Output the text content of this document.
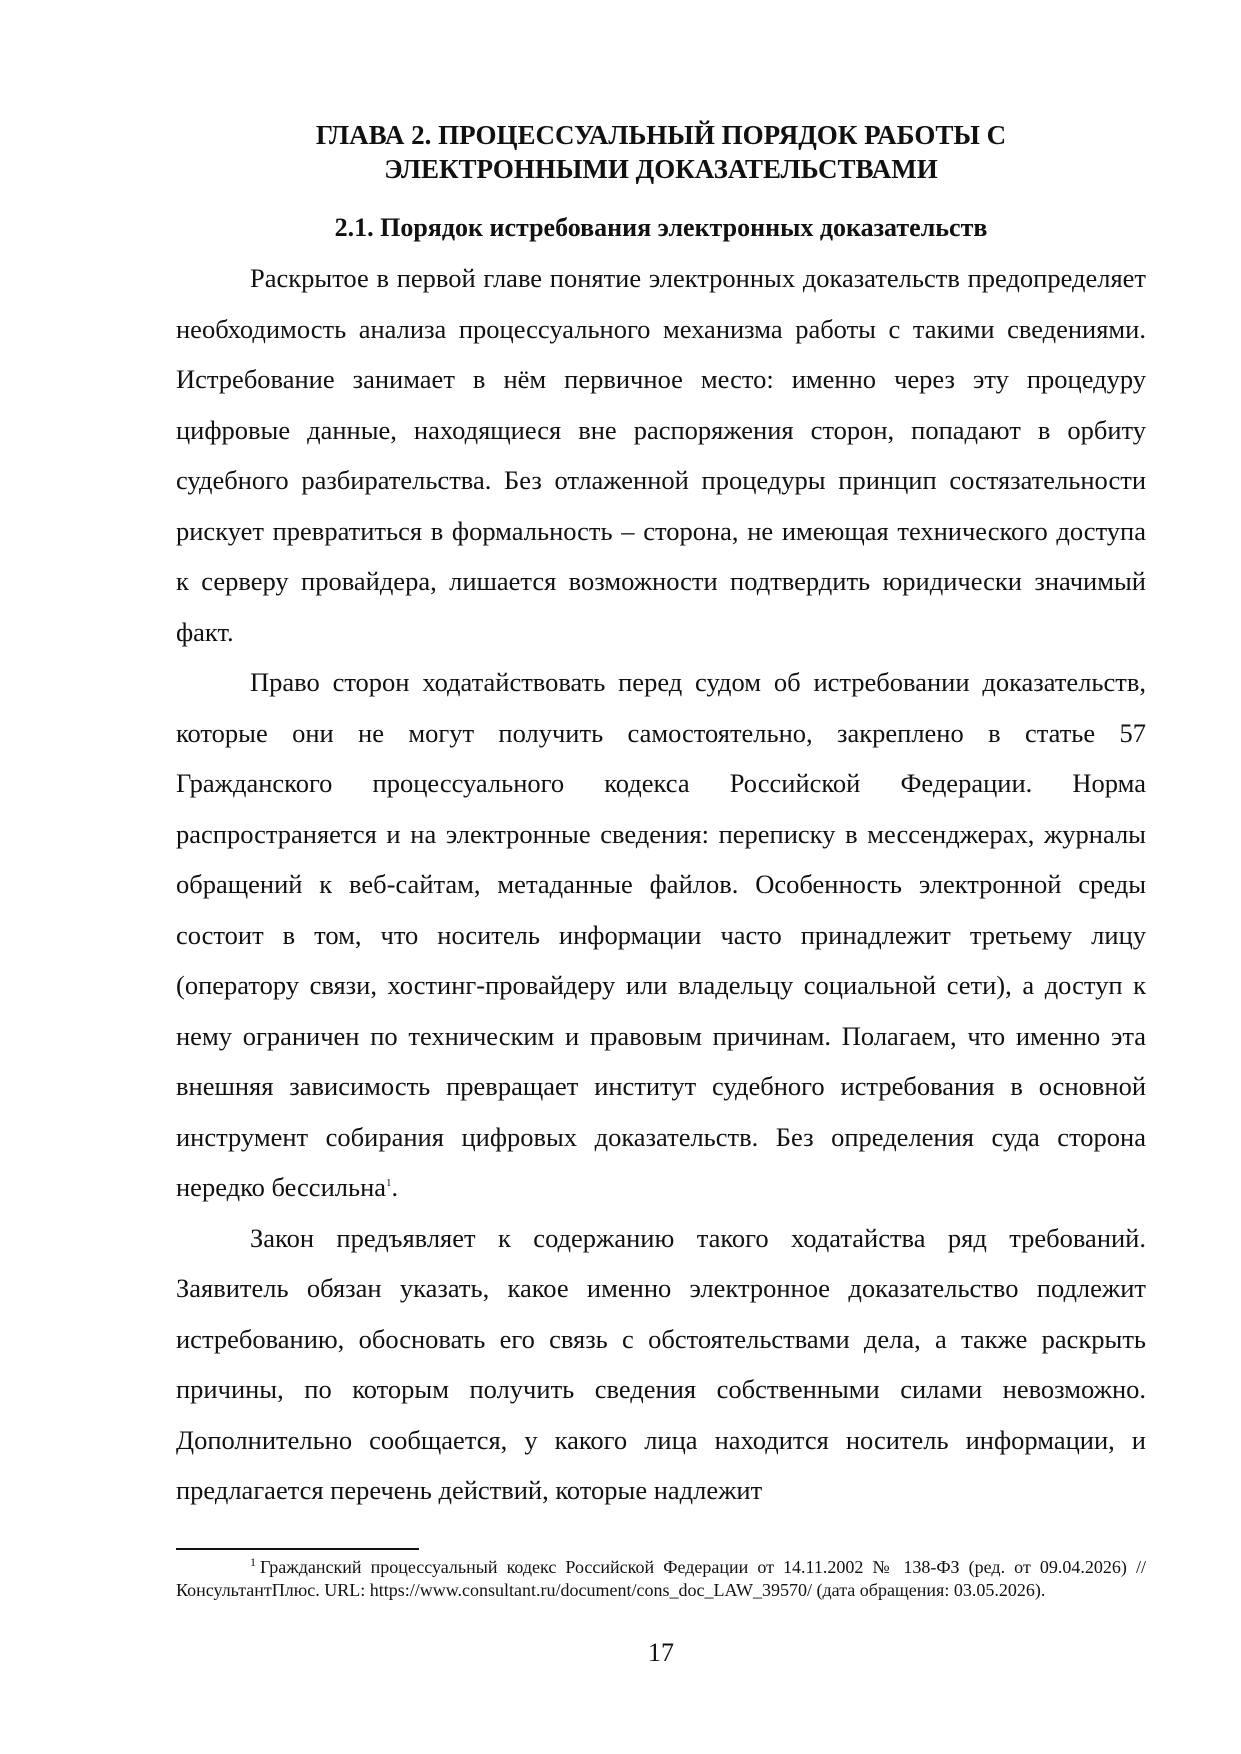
ГЛАВА 2. ПРОЦЕССУАЛЬНЫЙ ПОРЯДОК РАБОТЫ С
ЭЛЕКТРОННЫМИ ДОКАЗАТЕЛЬСТВАМИ
2.1. Порядок истребования электронных доказательств

Раскрытое в первой главе понятие электронных доказательств предопределяет необходимость анализа процессуального механизма работы с такими сведениями. Истребование занимает в нём первичное место: именно через эту процедуру цифровые данные, находящиеся вне распоряжения сторон, попадают в орбиту судебного разбирательства. Без отлаженной процедуры принцип состязательности рискует превратиться в формальность – сторона, не имеющая технического доступа к серверу провайдера, лишается возможности подтвердить юридически значимый факт.

Право сторон ходатайствовать перед судом об истребовании доказательств, которые они не могут получить самостоятельно, закреплено в статье 57 Гражданского процессуального кодекса Российской Федерации. Норма распространяется и на электронные сведения: переписку в мессенджерах, журналы обращений к веб-сайтам, метаданные файлов. Особенность электронной среды состоит в том, что носитель информации часто принадлежит третьему лицу (оператору связи, хостинг-провайдеру или владельцу социальной сети), а доступ к нему ограничен по техническим и правовым причинам. Полагаем, что именно эта внешняя зависимость превращает институт судебного истребования в основной инструмент собирания цифровых доказательств. Без определения суда сторона нередко бессильна$^1$.

Закон предъявляет к содержанию такого ходатайства ряд требований. Заявитель обязан указать, какое именно электронное доказательство подлежит истребованию, обосновать его связь с обстоятельствами дела, а также раскрыть причины, по которым получить сведения собственными силами невозможно. Дополнительно сообщается, у какого лица находится носитель информации, и предлагается перечень действий, которые надлежит

$^1$ Гражданский процессуальный кодекс Российской Федерации от 14.11.2002 № 138-ФЗ (ред. от 09.04.2026) // КонсультантПлюс. URL: https://www.consultant.ru/document/cons_doc_LAW_39570/ (дата обращения: 03.05.2026).

17
